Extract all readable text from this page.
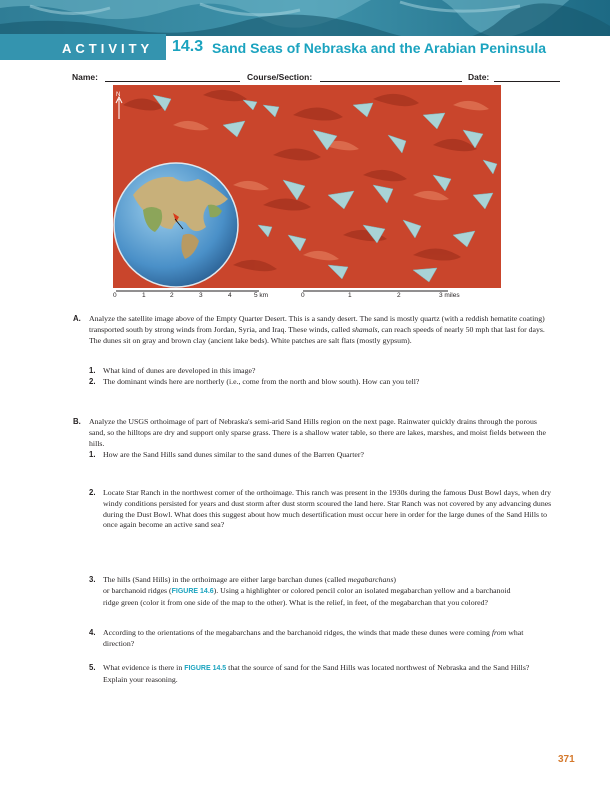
ACTIVITY 14.3 Sand Seas of Nebraska and the Arabian Peninsula
Name:	Course/Section:	Date:
N
0	1	2	3	4	5 km	0	1	2	3 miles
A. Analyze the satellite image above of the Empty Quarter Desert. This is a sandy desert. The sand is mostly quartz (with a reddish hematite coating) transported south by strong winds from Jordan, Syria, and Iraq. These winds, called shamals, can reach speeds of nearly 50 mph that last for days. The dunes sit on gray and brown clay (ancient lake beds). White patches are salt flats (mostly gypsum).

1. What kind of dunes are developed in this image?
2. The dominant winds here are northerly (i.e., come from the north and blow south). How can you tell?
B. Analyze the USGS orthoimage of part of Nebraska's semi-arid Sand Hills region on the next page. Rainwater quickly drains through the porous sand, so the hilltops are dry and support only sparse grass. There is a shallow water table, so there are lakes, marshes, and moist fields between the hills.

1. How are the Sand Hills sand dunes similar to the sand dunes of the Barren Quarter?
2. Locate Star Ranch in the northwest corner of the orthoimage. This ranch was present in the 1930s during the famous Dust Bowl days, when dry windy conditions persisted for years and dust storm after dust storm scoured the land here. Star Ranch was not covered by any advancing dunes during the Dust Bowl. What does this suggest about how much desertification must occur here in order for the large dunes of the Sand Hills to once again become an active sand sea?

3. The hills (Sand Hills) in the orthoimage are either large barchan dunes (called megabarchans)
or barchanoid ridges (FIGURE 14.6). Using a highlighter or colored pencil color an isolated megabarchan yellow and a barchanoid ridge green (color it from one side of the map to the other). What is the relief, in feet, of the megabarchan that you colored?

4. According to the orientations of the megabarchans and the barchanoid ridges, the winds that made these dunes were coming from what direction?

5. What evidence is there in FIGURE 14.5 that the source of sand for the Sand Hills was located northwest of Nebraska and the Sand Hills? Explain your reasoning.

371
